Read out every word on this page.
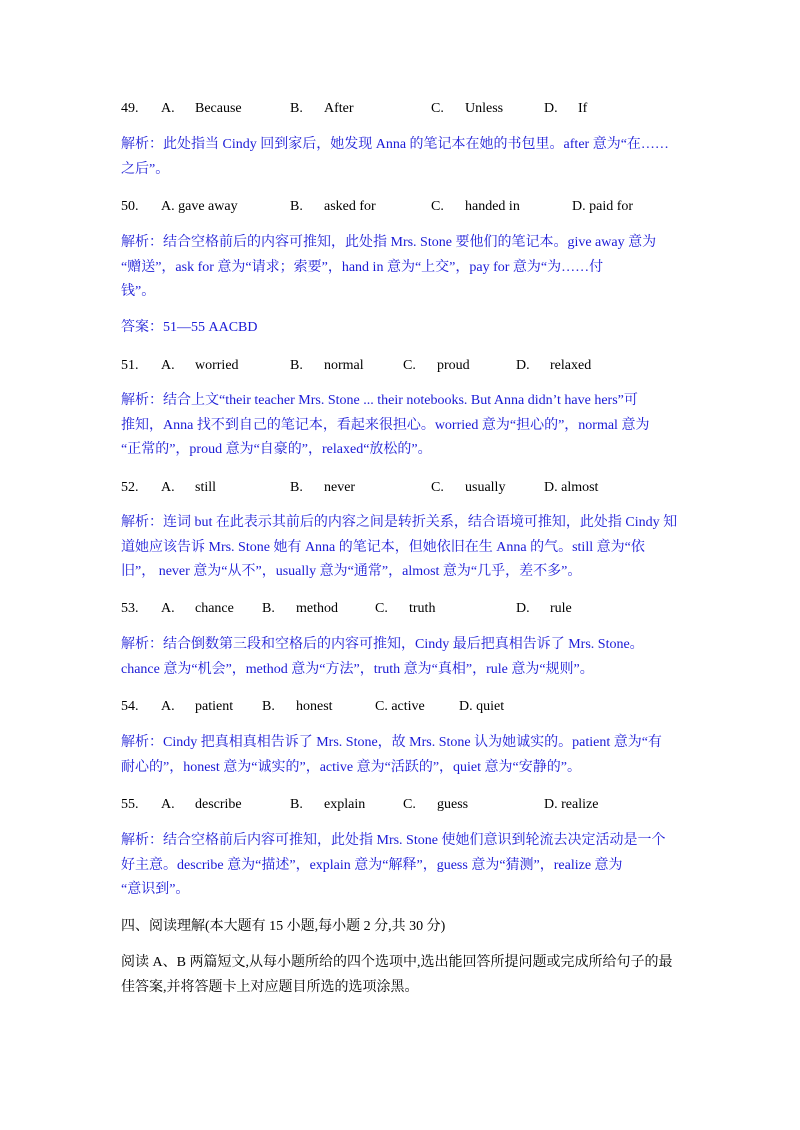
49. A. Because	B. After	C. Unless	D. If

解析：此处指当 Cindy 回到家后，她发现 Anna 的笔记本在她的书包里。after 意为“在……

之后”。

50. A. gave away	B. asked for	C. handed in	D. paid for

解析：结合空格前后的内容可推知，此处指 Mrs. Stone 要他们的笔记本。give away 意为

“赠送”，ask for 意为“请求；索要”，hand in 意为“上交”，pay for 意为“为……付

钱”。

答案：51—55 AACBD
51. A. worried	B. normal	C. proud	D. relaxed

解析：结合上文“their teacher Mrs. Stone ... their notebooks. But Anna didn’t have hers”可

推知，Anna 找不到自己的笔记本，看起来很担心。worried 意为“担心的”，normal 意为

“正常的”，proud 意为“自豪的”，relaxed“放松的”。

52. A. still	B. never	C. usually	D. almost

解析：连词 but 在此表示其前后的内容之间是转折关系，结合语境可推知，此处指 Cindy 知

道她应该告诉 Mrs. Stone 她有 Anna 的笔记本，但她依旧在生 Anna 的气。still 意为“依

旧”， never 意为“从不”，usually 意为“通常”，almost 意为“几乎，差不多”。

53. A. chance B. method	C. truth	D. rule

解析：结合倒数第三段和空格后的内容可推知，Cindy 最后把真相告诉了 Mrs. Stone。

chance 意为“机会”，method 意为“方法”，truth 意为“真相”，rule 意为“规则”。

54. A. patient B. honest	C. active D. quiet

解析：Cindy 把真相真相告诉了 Mrs. Stone，故 Mrs. Stone 认为她诚实的。patient 意为“有

耐心的”，honest 意为“诚实的”，active 意为“活跃的”，quiet 意为“安静的”。

55. A. describe	B. explain	C. guess	D. realize

解析：结合空格前后内容可推知，此处指 Mrs. Stone 使她们意识到轮流去决定活动是一个

好主意。describe 意为“描述”，explain 意为“解释”，guess 意为“猜测”，realize 意为

“意识到”。

四、阅读理解(本大题有 15 小题,每小题 2 分,共 30 分)

阅读 A、B 两篇短文,从每小题所给的四个选项中,选出能回答所提问题或完成所给句子的最

佳答案,并将答题卡上对应题目所选的选项涂黑。
